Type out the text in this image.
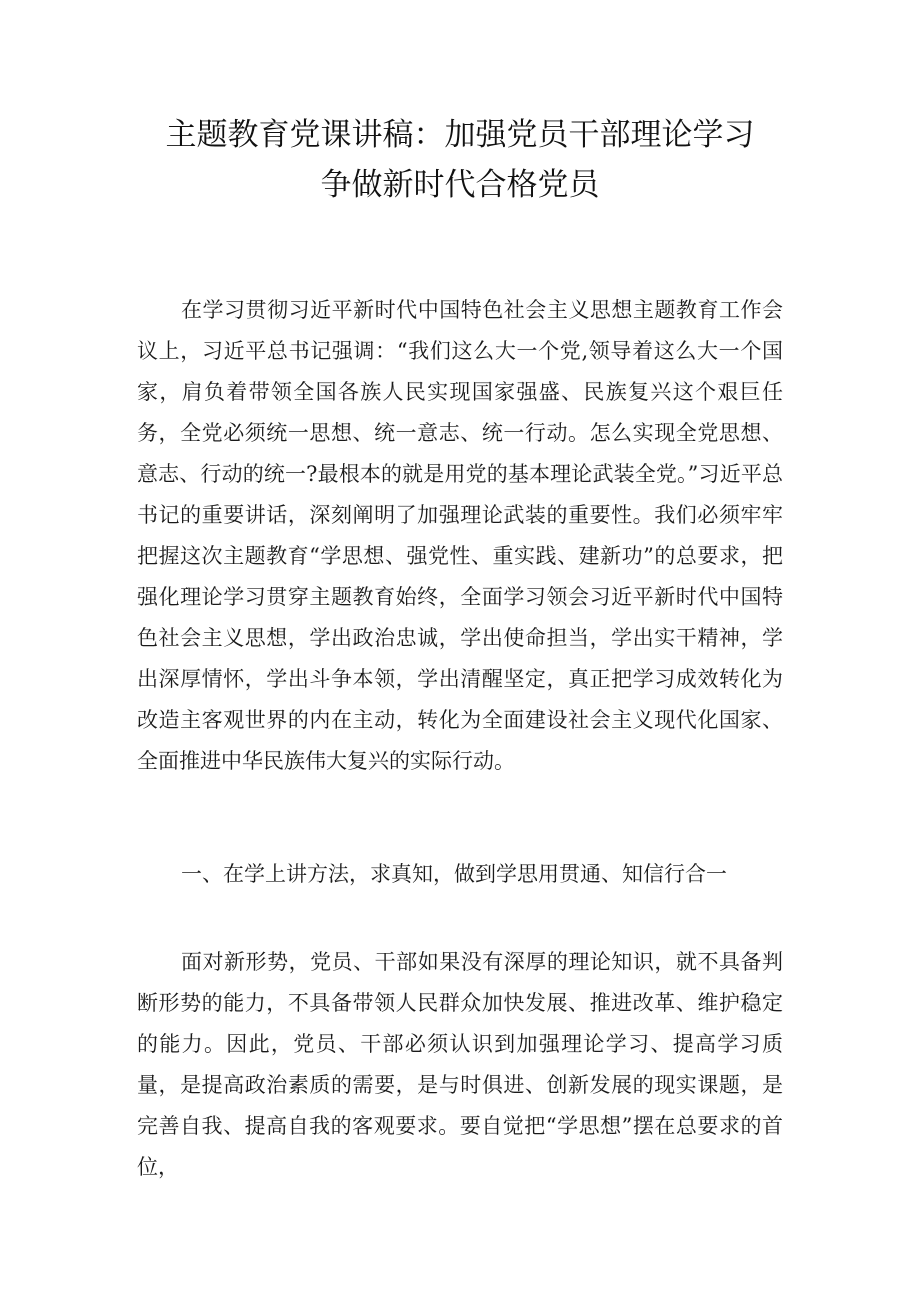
主题教育党课讲稿：加强党员干部理论学习
争做新时代合格党员

在学习贯彻习近平新时代中国特色社会主义思想主题教育工作会议上，习近平总书记强调：“我们这么大一个党,领导着这么大一个国家，肩负着带领全国各族人民实现国家强盛、民族复兴这个艰巨任务，全党必须统一思想、统一意志、统一行动。怎么实现全党思想、意志、行动的统一?最根本的就是用党的基本理论武装全党。”习近平总书记的重要讲话，深刻阐明了加强理论武装的重要性。我们必须牢牢把握这次主题教育“学思想、强党性、重实践、建新功”的总要求，把强化理论学习贯穿主题教育始终，全面学习领会习近平新时代中国特色社会主义思想，学出政治忠诚，学出使命担当，学出实干精神，学出深厚情怀，学出斗争本领，学出清醒坚定，真正把学习成效转化为改造主客观世界的内在主动，转化为全面建设社会主义现代化国家、全面推进中华民族伟大复兴的实际行动。

一、在学上讲方法，求真知，做到学思用贯通、知信行合一

面对新形势，党员、干部如果没有深厚的理论知识，就不具备判断形势的能力，不具备带领人民群众加快发展、推进改革、维护稳定的能力。因此，党员、干部必须认识到加强理论学习、提高学习质量，是提高政治素质的需要，是与时俱进、创新发展的现实课题，是完善自我、提高自我的客观要求。要自觉把“学思想”摆在总要求的首位，
